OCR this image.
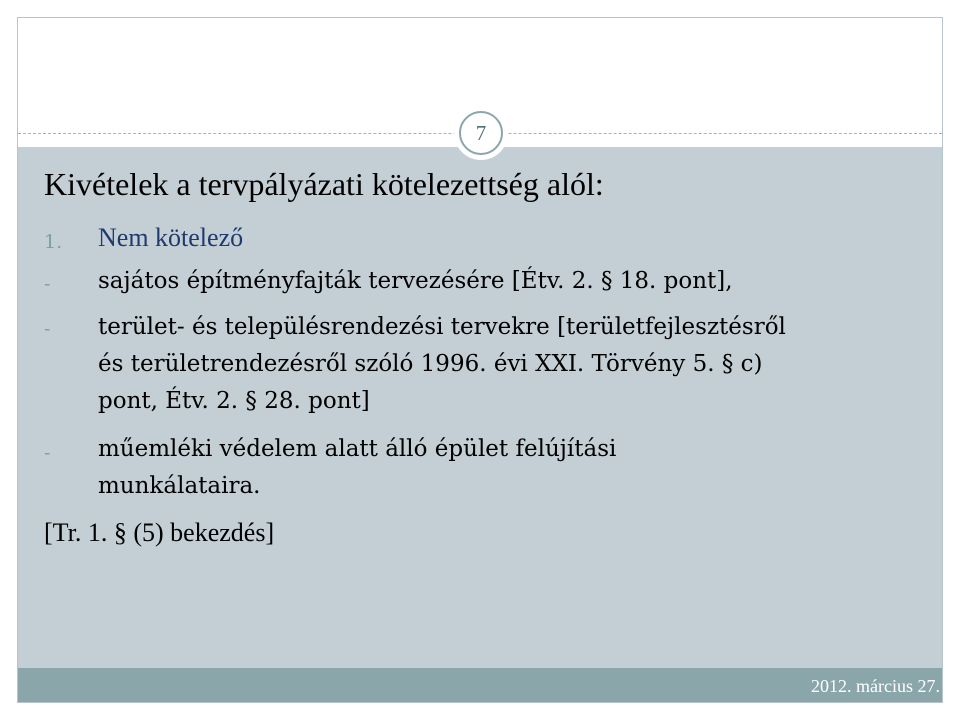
7
Kivételek a tervpályázati kötelezettség alól:
1. Nem kötelező
- sajátos építményfajták tervezésére [Étv. 2. § 18. pont],
- terület- és településrendezési tervekre [területfejlesztésről
és területrendezésről szóló 1996. évi XXI. Törvény 5. § c)
pont, Étv. 2. § 28. pont]
- műemléki védelem alatt álló épület felújítási
munkálataira.
[Tr. 1. § (5) bekezdés]
2012. március 27.
